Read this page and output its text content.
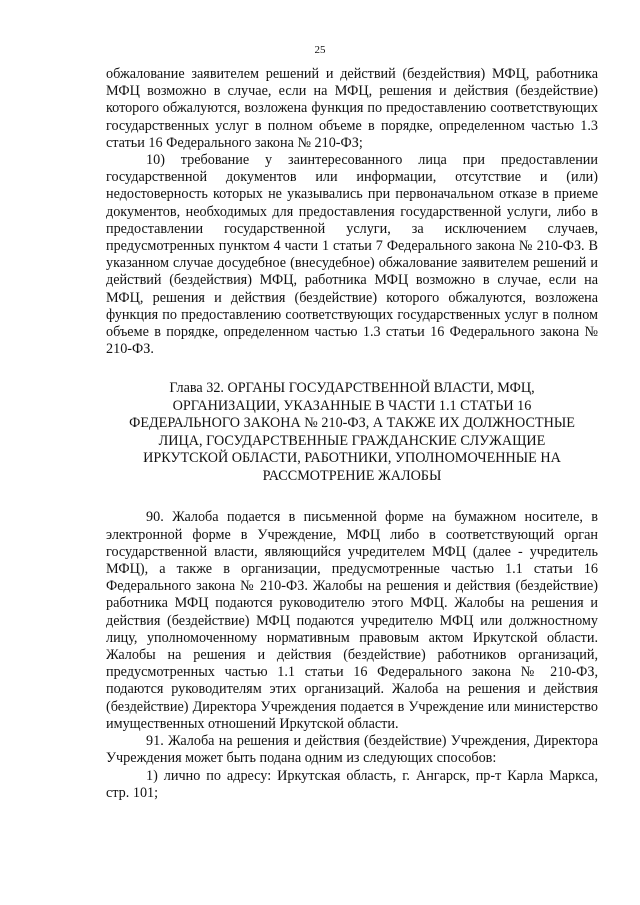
25

обжалование заявителем решений и действий (бездействия) МФЦ, работника МФЦ возможно в случае, если на МФЦ, решения и действия (бездействие) которого обжалуются, возложена функция по предоставлению соответствующих государственных услуг в полном объеме в порядке, определенном частью 1.3 статьи 16 Федерального закона № 210-ФЗ;

10) требование у заинтересованного лица при предоставлении государственной документов или информации, отсутствие и (или) недостоверность которых не указывались при первоначальном отказе в приеме документов, необходимых для предоставления государственной услуги, либо в предоставлении государственной услуги, за исключением случаев, предусмотренных пунктом 4 части 1 статьи 7 Федерального закона № 210-ФЗ. В указанном случае досудебное (внесудебное) обжалование заявителем решений и действий (бездействия) МФЦ, работника МФЦ возможно в случае, если на МФЦ, решения и действия (бездействие) которого обжалуются, возложена функция по предоставлению соответствующих государственных услуг в полном объеме в порядке, определенном частью 1.3 статьи 16 Федерального закона № 210-ФЗ.

Глава 32. ОРГАНЫ ГОСУДАРСТВЕННОЙ ВЛАСТИ, МФЦ,
ОРГАНИЗАЦИИ, УКАЗАННЫЕ В ЧАСТИ 1.1 СТАТЬИ 16
ФЕДЕРАЛЬНОГО ЗАКОНА № 210-ФЗ, А ТАКЖЕ ИХ ДОЛЖНОСТНЫЕ
ЛИЦА, ГОСУДАРСТВЕННЫЕ ГРАЖДАНСКИЕ СЛУЖАЩИЕ
ИРКУТСКОЙ ОБЛАСТИ, РАБОТНИКИ, УПОЛНОМОЧЕННЫЕ НА
РАССМОТРЕНИЕ ЖАЛОБЫ

90. Жалоба подается в письменной форме на бумажном носителе, в электронной форме в Учреждение, МФЦ либо в соответствующий орган государственной власти, являющийся учредителем МФЦ (далее - учредитель МФЦ), а также в организации, предусмотренные частью 1.1 статьи 16 Федерального закона № 210-ФЗ. Жалобы на решения и действия (бездействие) работника МФЦ подаются руководителю этого МФЦ. Жалобы на решения и действия (бездействие) МФЦ подаются учредителю МФЦ или должностному лицу, уполномоченному нормативным правовым актом Иркутской области. Жалобы на решения и действия (бездействие) работников организаций, предусмотренных частью 1.1 статьи 16 Федерального закона № 210-ФЗ, подаются руководителям этих организаций. Жалоба на решения и действия (бездействие) Директора Учреждения подается в Учреждение или министерство имущественных отношений Иркутской области.

91. Жалоба на решения и действия (бездействие) Учреждения, Директора Учреждения может быть подана одним из следующих способов:

1) лично по адресу: Иркутская область, г. Ангарск, пр-т Карла Маркса, стр. 101;
